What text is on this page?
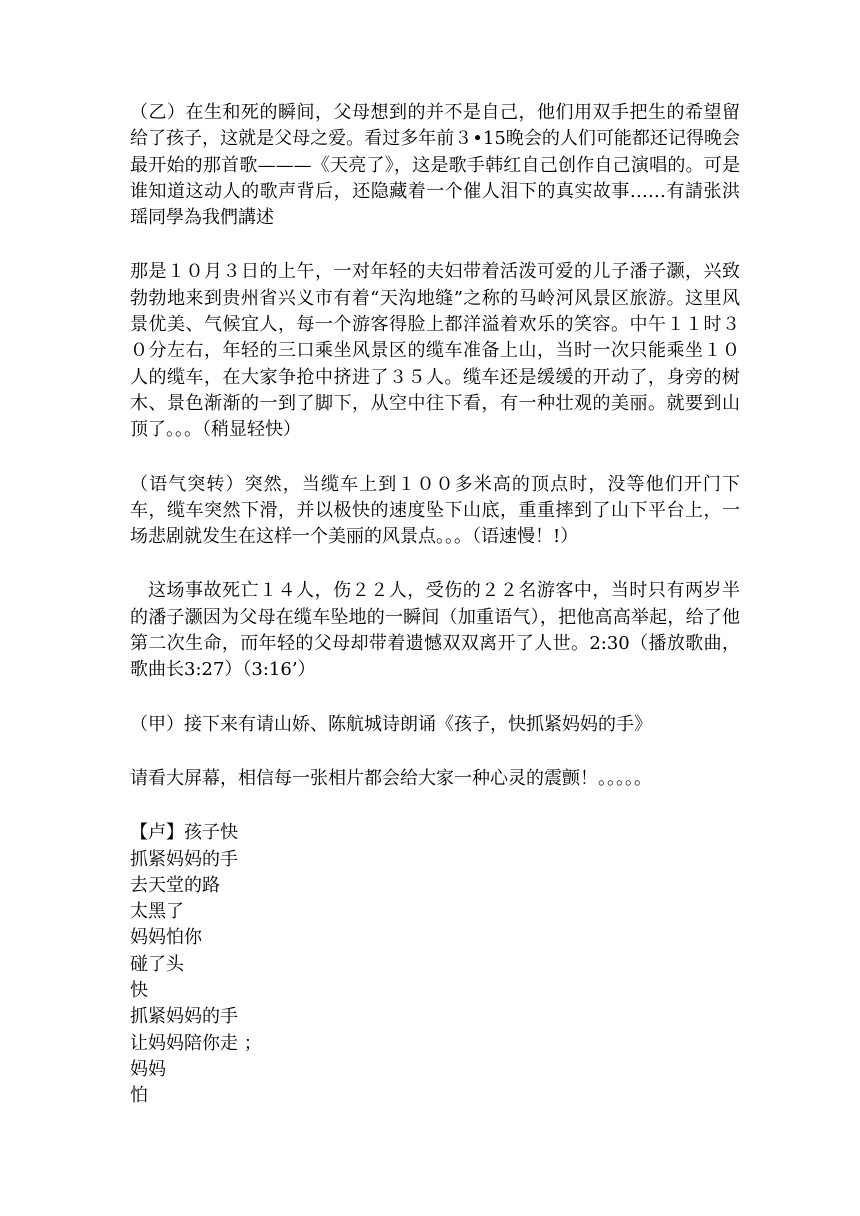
（乙）在生和死的瞬间，父母想到的并不是自己，他们用双手把生的希望留给了孩子，这就是父母之爱。看过多年前３•15晚会的人们可能都还记得晚会最开始的那首歌———《天亮了》，这是歌手韩红自己创作自己演唱的。可是谁知道这动人的歌声背后，还隐藏着一个催人泪下的真实故事……有請张洪瑶同學為我們講述

那是１０月３日的上午，一对年轻的夫妇带着活泼可爱的儿子潘子灏，兴致勃勃地来到贵州省兴义市有着“天沟地缝”之称的马岭河风景区旅游。这里风景优美、气候宜人，每一个游客得脸上都洋溢着欢乐的笑容。中午１１时３０分左右，年轻的三口乘坐风景区的缆车准备上山，当时一次只能乘坐１０人的缆车，在大家争抢中挤进了３５人。缆车还是缓缓的开动了，身旁的树木、景色渐渐的一到了脚下，从空中往下看，有一种壮观的美丽。就要到山顶了。。。（稍显轻快）

（语气突转）突然，当缆车上到１００多米高的顶点时，没等他们开门下车，缆车突然下滑，并以极快的速度坠下山底，重重摔到了山下平台上，一场悲剧就发生在这样一个美丽的风景点。。。（语速慢！!）

这场事故死亡１４人，伤２２人，受伤的２２名游客中，当时只有两岁半的潘子灏因为父母在缆车坠地的一瞬间（加重语气），把他高高举起，给了他第二次生命，而年轻的父母却带着遗憾双双离开了人世。2:30（播放歌曲，歌曲长3:27）（3:16’）

（甲）接下来有请山娇、陈航城诗朗诵《孩子，快抓紧妈妈的手》

请看大屏幕，相信每一张相片都会给大家一种心灵的震颤！。。。。。

【卢】孩子快
抓紧妈妈的手
去天堂的路
太黑了
妈妈怕你
碰了头
快
抓紧妈妈的手
让妈妈陪你走 ；
妈妈
怕
